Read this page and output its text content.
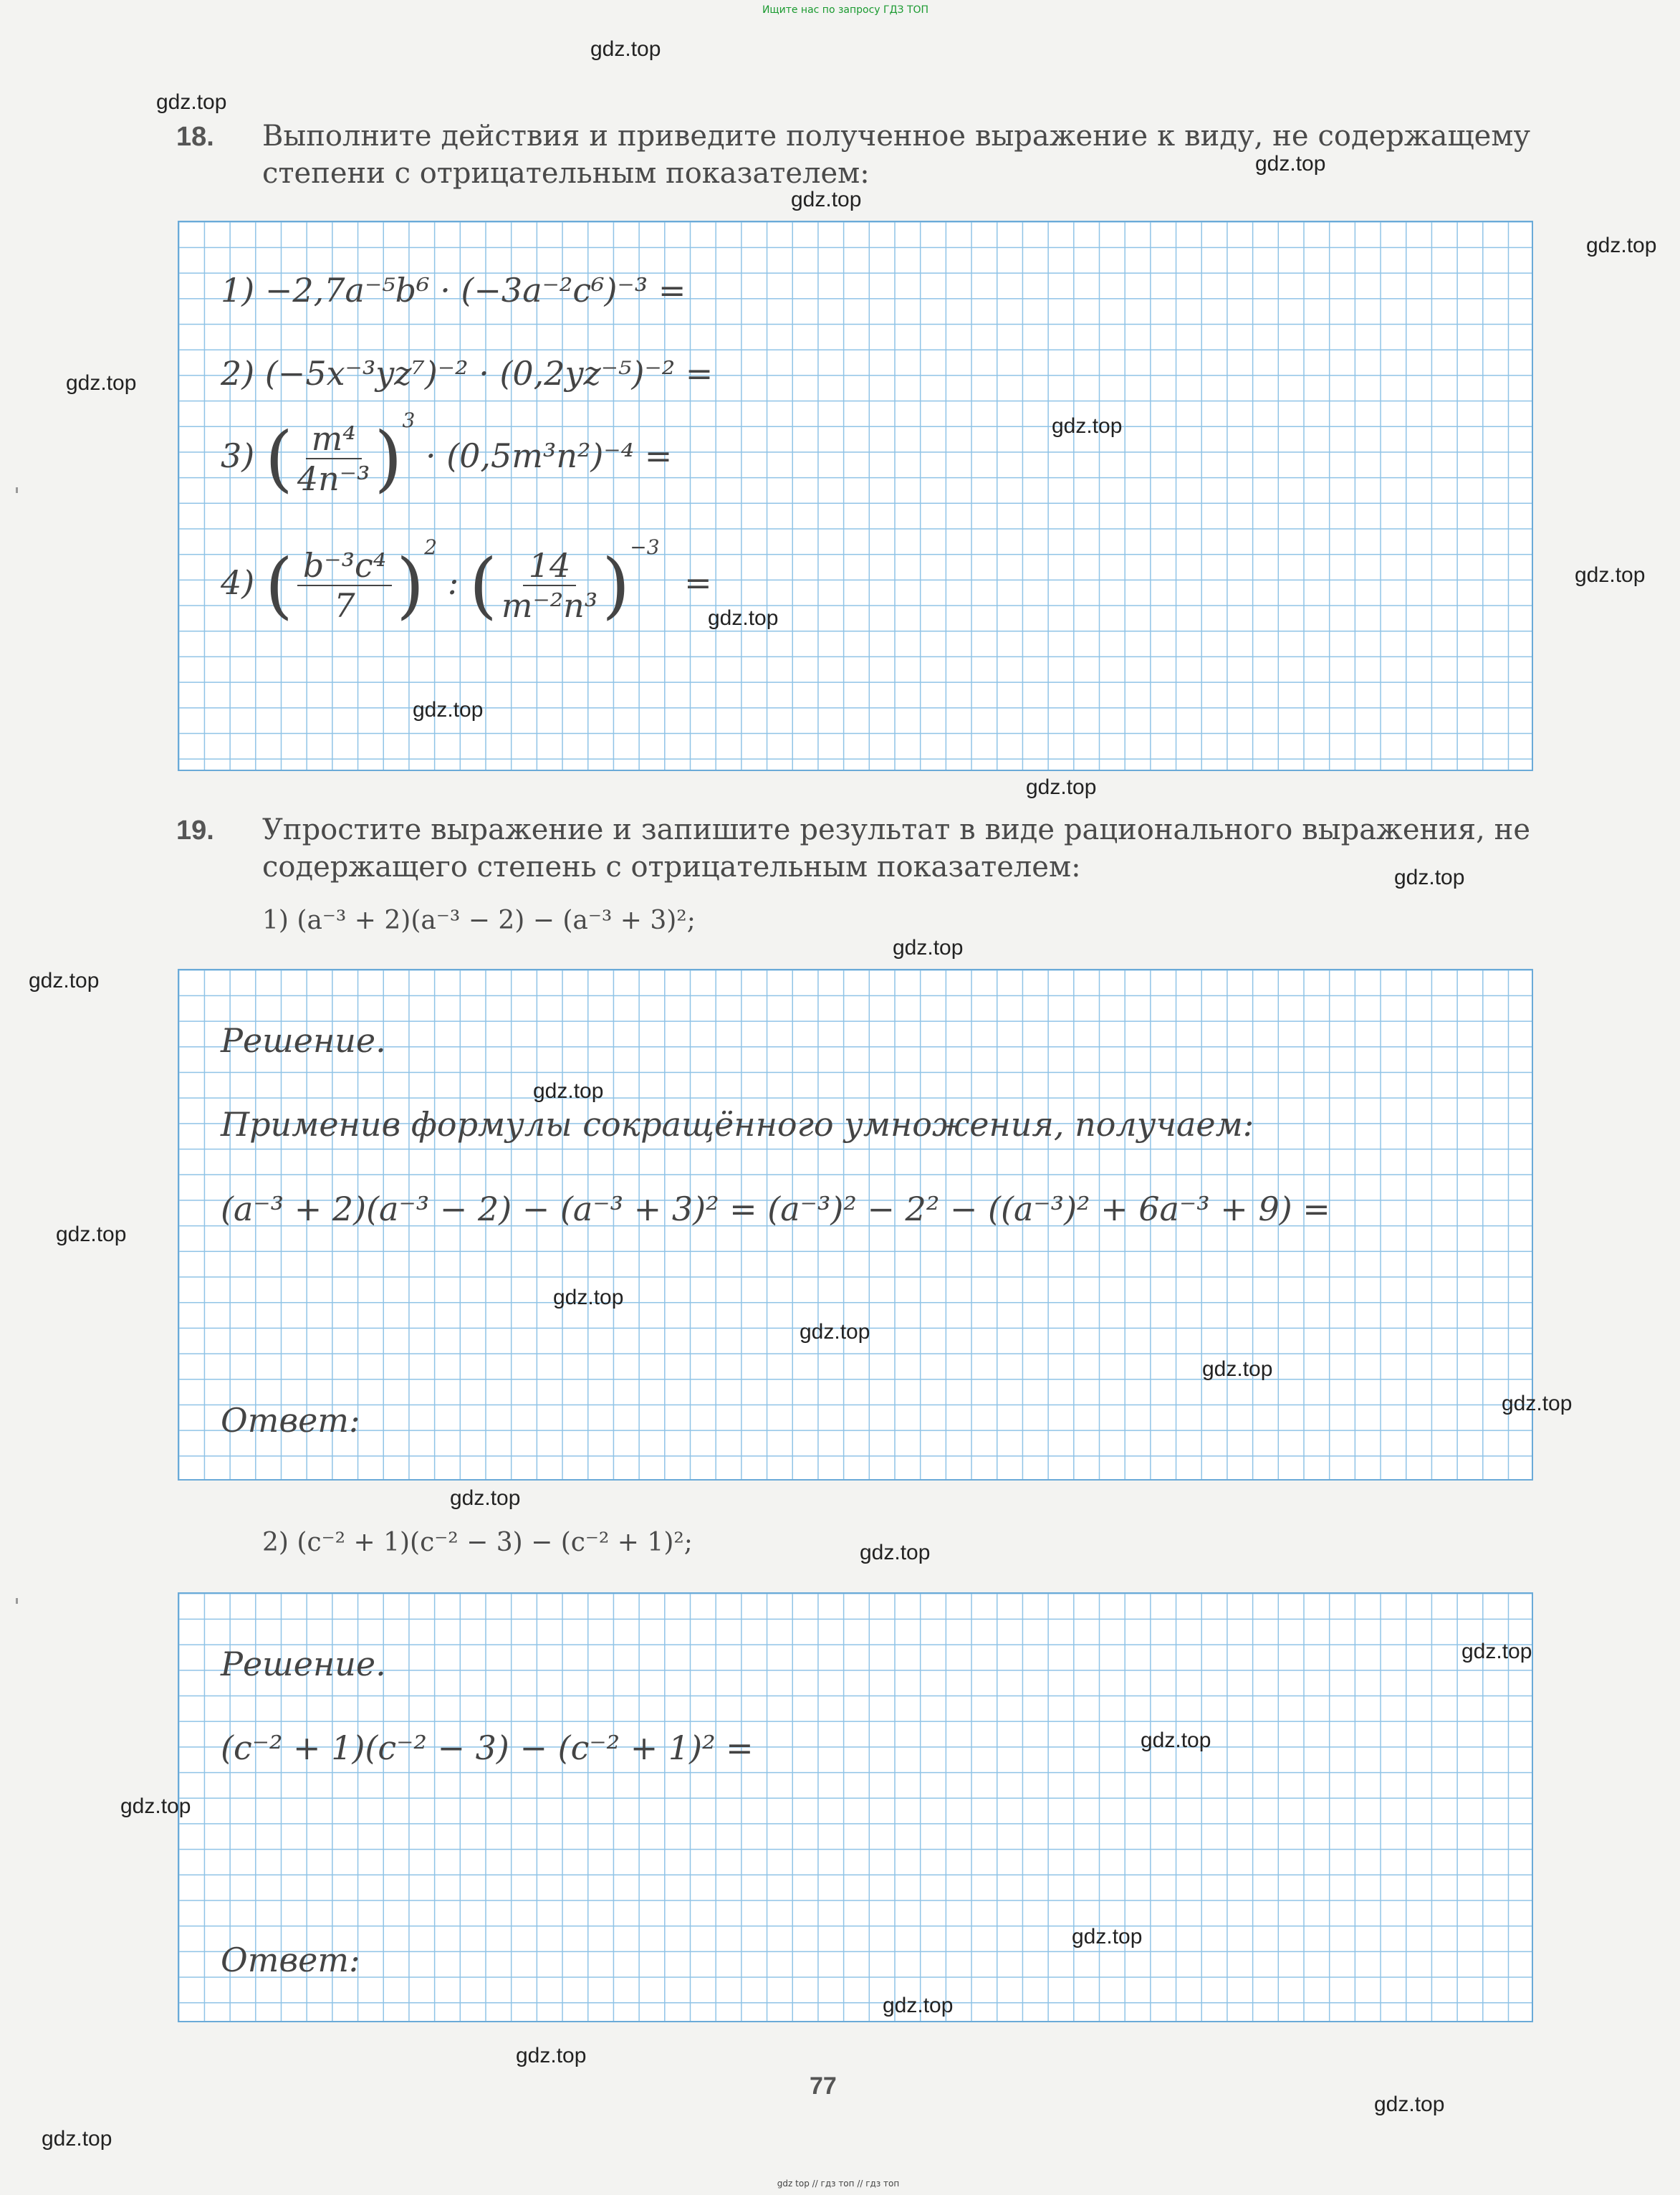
Ищите нас по запросу ГДЗ ТОП
gdz top // гдз топ // гдз топ
18. Выполните действия и приведите полученное выражение к виду, не содержащему степени с отрицательным показателем:
1) −2,7a⁻⁵b⁶ · (−3a⁻²c⁶)⁻³ =
2) (−5x⁻³yz⁷)⁻² · (0,2yz⁻⁵)⁻² =
3) ( $\frac{\text{m⁴}}{\text{4n⁻³}} )^3 \cdot (0,5m^3n^2)^{-4}$ =
4) ( $\frac{\text{b⁻³c⁴}}{7} )^2$ : ( $\frac{14}{\text{m⁻²n³}} )^{-3}$ =
19. Упростите выражение и запишите результат в виде рационального выражения, не содержащего степень с отрицательным показателем:
1) (a⁻³ + 2)(a⁻³ − 2) − (a⁻³ + 3)²;
Решение.
Применив формулы сокращённого умножения, получаем:
(a⁻³ + 2)(a⁻³ − 2) − (a⁻³ + 3)² = (a⁻³)² − 2² − ((a⁻³)² + 6a⁻³ + 9) =
Ответ:
2) (c⁻² + 1)(c⁻² − 3) − (c⁻² + 1)²;
Решение.
(c⁻² + 1)(c⁻² − 3) − (c⁻² + 1)² =
Ответ:
77
gdz.top
gdz.top
gdz.top
gdz.top
gdz.top
gdz.top
gdz.top
gdz.top
gdz.top
gdz.top
gdz.top
gdz.top
gdz.top
gdz.top
gdz.top
gdz.top
gdz.top
gdz.top
gdz.top
gdz.top
gdz.top
gdz.top
gdz.top
gdz.top
gdz.top
gdz.top
gdz.top
gdz.top
gdz.top
gdz.top
